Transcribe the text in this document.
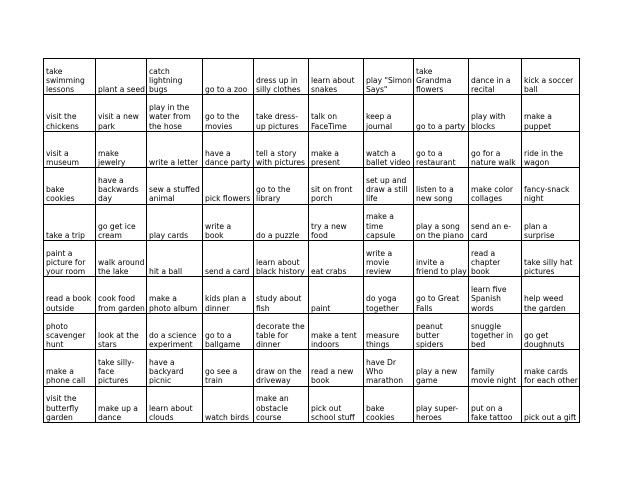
take swimming lessons	plant a seed	catch lightning bugs	go to a zoo	dress up in silly clothes	learn about snakes	play "Simon Says"	take Grandma flowers	dance in a recital	kick a soccer ball
visit the chickens	visit a new park	play in the water from the hose	go to the movies	take dress-up pictures	talk on FaceTime	keep a journal	go to a party	play with blocks	make a puppet
visit a museum	make jewelry	write a letter	have a dance party	tell a story with pictures	make a present	watch a ballet video	go to a restaurant	go for a nature walk	ride in the wagon
bake cookies	have a backwards day	sew a stuffed animal	pick flowers	go to the library	sit on front porch	set up and draw a still life	listen to a new song	make color collages	fancy-snack night
take a trip	go get ice cream	play cards	write a book	do a puzzle	try a new food	make a time capsule	play a song on the piano	send an e-card	plan a surprise
paint a picture for your room	walk around the lake	hit a ball	send a card	learn about black history	eat crabs	write a movie review	invite a friend to play	read a chapter book	take silly hat pictures
read a book outside	cook food from garden	make a photo album	kids plan a dinner	study about fish	paint	do yoga together	go to Great Falls	learn five Spanish words	help weed the garden
photo scavenger hunt	look at the stars	do a science experiment	go to a ballgame	decorate the table for dinner	make a tent indoors	measure things	peanut butter spiders	snuggle together in bed	go get doughnuts
make a phone call	take silly-face pictures	have a backyard picnic	go see a train	draw on the driveway	read a new book	have Dr Who marathon	play a new game	family movie night	make cards for each other
visit the butterfly garden	make up a dance	learn about clouds	watch birds	make an obstacle course	pick out school stuff	bake cookies	play super-heroes	put on a fake tattoo	pick out a gift
